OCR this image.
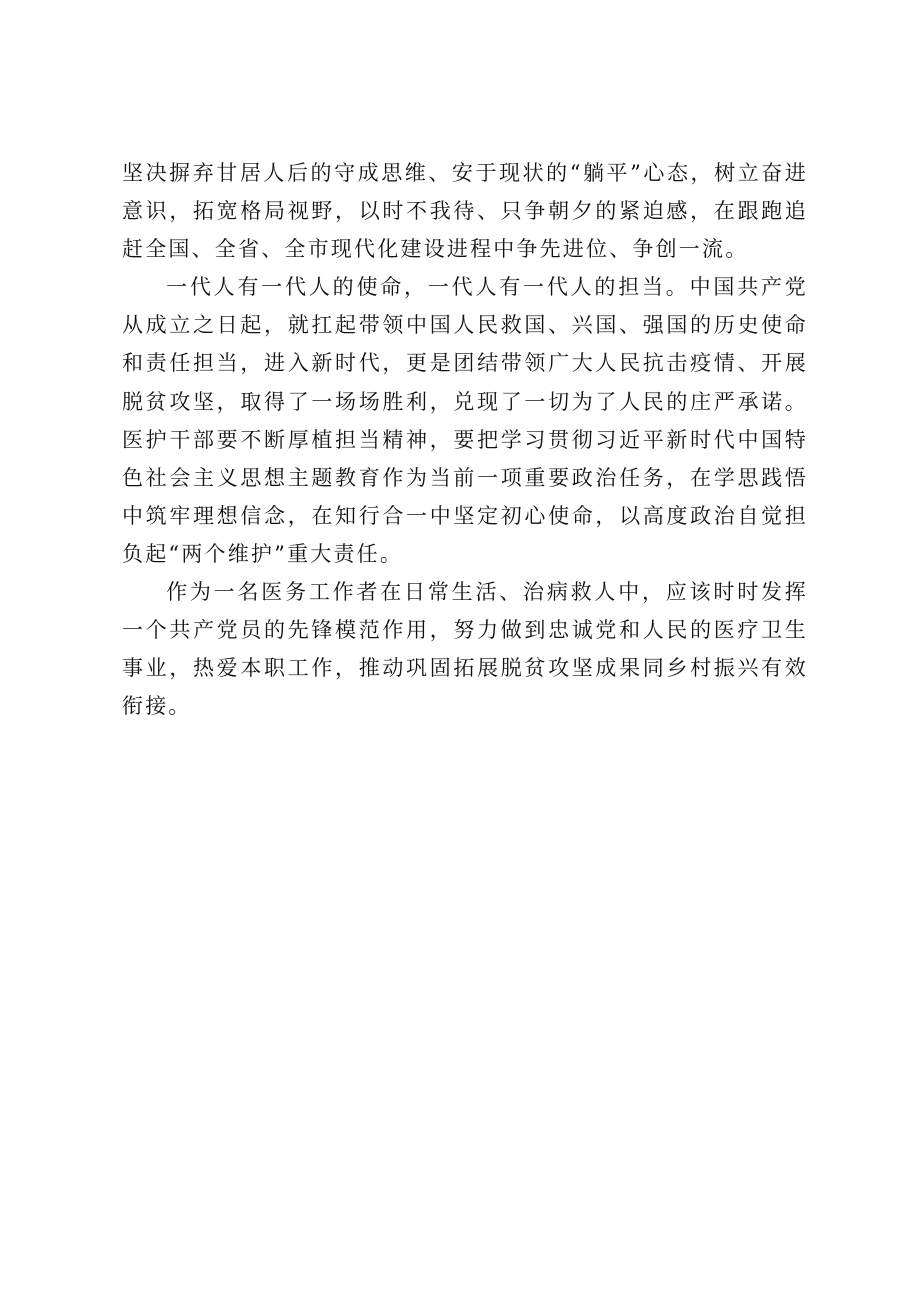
坚决摒弃甘居人后的守成思维、安于现状的“躺平”心态，树立奋进意识，拓宽格局视野，以时不我待、只争朝夕的紧迫感，在跟跑追赶全国、全省、全市现代化建设进程中争先进位、争创一流。

一代人有一代人的使命，一代人有一代人的担当。中国共产党从成立之日起，就扛起带领中国人民救国、兴国、强国的历史使命和责任担当，进入新时代，更是团结带领广大人民抗击疫情、开展脱贫攻坚，取得了一场场胜利，兑现了一切为了人民的庄严承诺。医护干部要不断厚植担当精神，要把学习贯彻习近平新时代中国特色社会主义思想主题教育作为当前一项重要政治任务，在学思践悟中筑牢理想信念，在知行合一中坚定初心使命，以高度政治自觉担负起“两个维护”重大责任。

作为一名医务工作者在日常生活、治病救人中，应该时时发挥一个共产党员的先锋模范作用，努力做到忠诚党和人民的医疗卫生事业，热爱本职工作，推动巩固拓展脱贫攻坚成果同乡村振兴有效衔接。
